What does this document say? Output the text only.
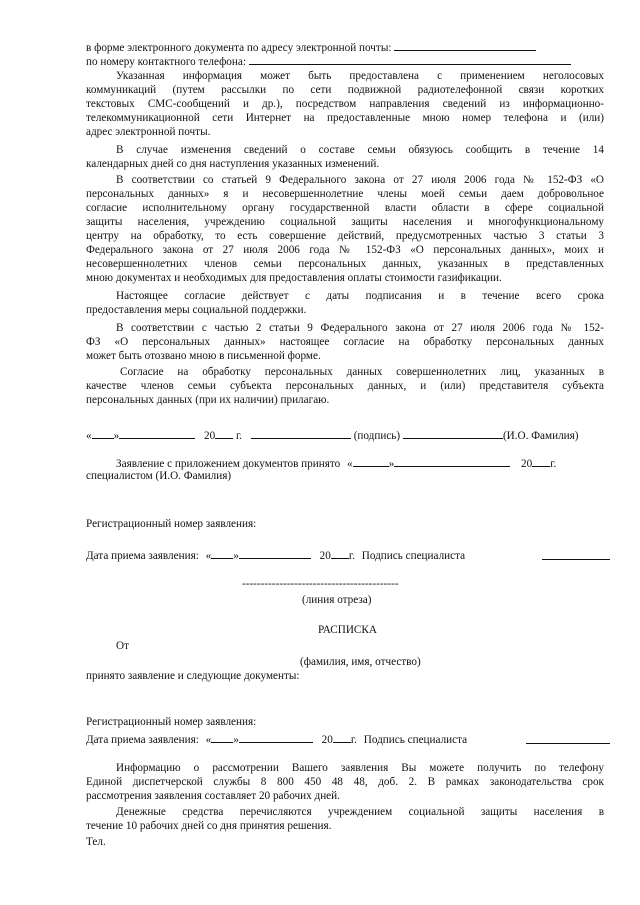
в форме электронного документа по адресу электронной почты:
по номеру контактного телефона:
Указанная информация может быть предоставлена с применением неголосовых
коммуникаций (путем рассылки по сети подвижной радиотелефонной связи коротких
текстовых СМС-сообщений и др.), посредством направления сведений из информационно-
телекоммуникационной сети Интернет на предоставленные мною номер телефона и (или)
адрес электронной почты.
В случае изменения сведений о составе семьи обязуюсь сообщить в течение 14
календарных дней со дня наступления указанных изменений.
В соответствии со статьей 9 Федерального закона от 27 июля 2006 года № 152-ФЗ «О
персональных данных» я и несовершеннолетние члены моей семьи даем добровольное
согласие исполнительному органу государственной власти области в сфере социальной
защиты населения, учреждению социальной защиты населения и многофункциональному
центру на обработку, то есть совершение действий, предусмотренных частью 3 статьи 3
Федерального закона от 27 июля 2006 года № 152-ФЗ «О персональных данных», моих и
несовершеннолетних членов семьи персональных данных, указанных в представленных
мною документах и необходимых для предоставления оплаты стоимости газификации.
Настоящее согласие действует с даты подписания и в течение всего срока
предоставления меры социальной поддержки.
В соответствии с частью 2 статьи 9 Федерального закона от 27 июля 2006 года № 152-
ФЗ «О персональных данных» настоящее согласие на обработку персональных данных
может быть отозвано мною в письменной форме.
Согласие на обработку персональных данных совершеннолетних лиц, указанных в
качестве членов семьи субъекта персональных данных, и (или) представителя субъекта
персональных данных (при их наличии) прилагаю.
« »	20 г.	(подпись)	(И.О. Фамилия)
Заявление с приложением документов принято «	»	20 г.
специалистом (И.О. Фамилия)
Регистрационный номер заявления:
Дата приема заявления: « »	20 г. Подпись специалиста
------------------------------------------
(линия отреза)
РАСПИСКА
От
(фамилия, имя, отчество)
принято заявление и следующие документы:
Регистрационный номер заявления:
Дата приема заявления: « »	20 г. Подпись специалиста
Информацию о рассмотрении Вашего заявления Вы можете получить по телефону
Единой диспетчерской службы 8 800 450 48 48, доб. 2. В рамках законодательства срок
рассмотрения заявления составляет 20 рабочих дней.
Денежные средства перечисляются учреждением социальной защиты населения в
течение 10 рабочих дней со дня принятия решения.
Тел.
